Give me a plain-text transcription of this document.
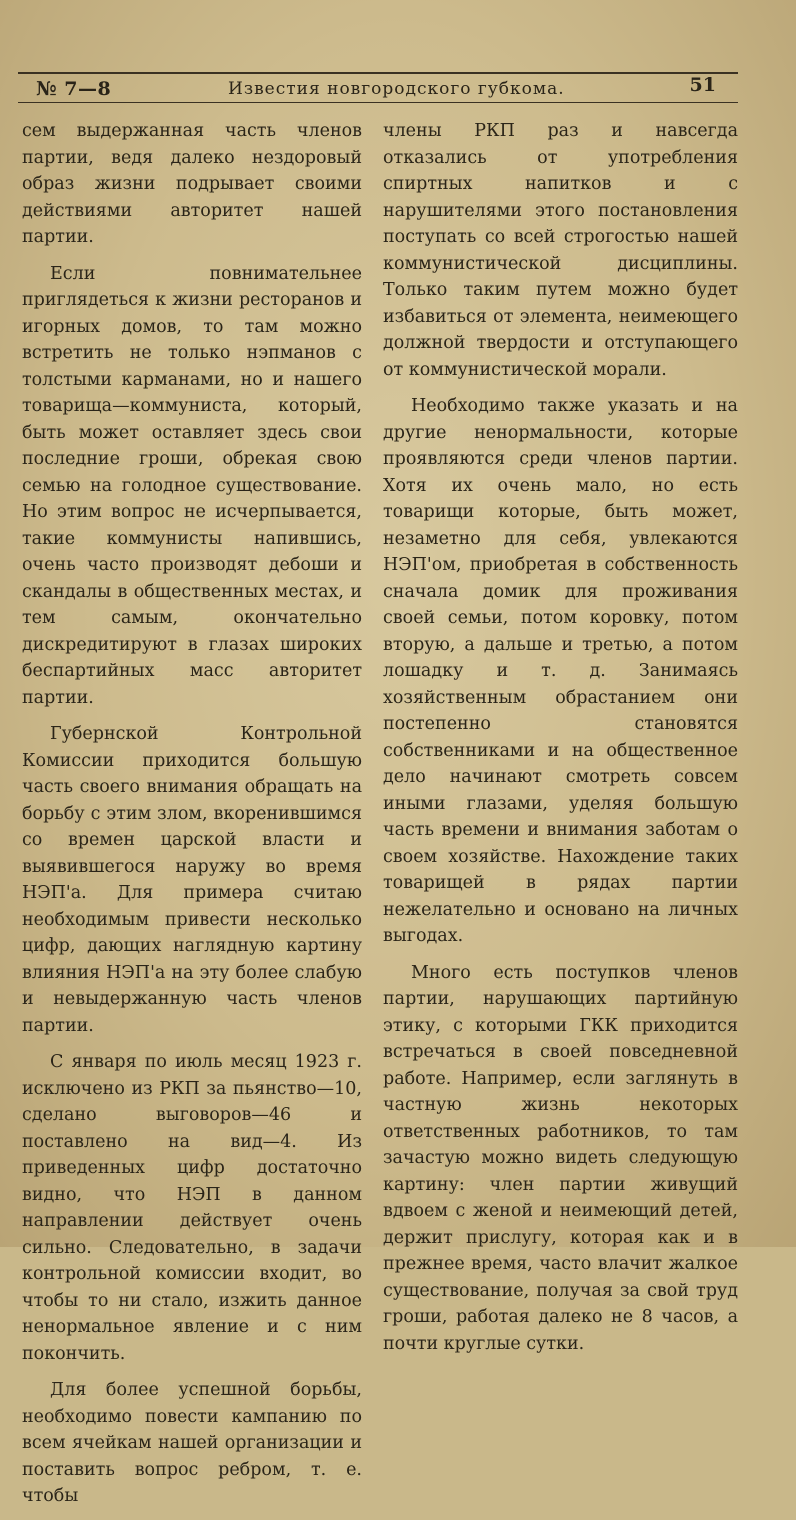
№ 7—8	Известия новгородского губкома.	51

сем выдержанная часть членов партии, ведя далеко нездоровый образ жизни подрывает своими действиями авторитет нашей партии.

Если повнимательнее приглядеться к жизни ресторанов и игорных домов, то там можно встретить не только нэпманов с толстыми карманами, но и нашего товарища—коммуниста, который, быть может оставляет здесь свои последние гроши, обрекая свою семью на голодное существование. Но этим вопрос не исчерпывается, такие коммунисты напившись, очень часто производят дебоши и скандалы в общественных местах, и тем самым, окончательно дискредитируют в глазах широких беспартийных масс авторитет партии.

Губернской Контрольной Комиссии приходится большую часть своего внимания обращать на борьбу с этим злом, вкоренившимся со времен царской власти и выявившегося наружу во время НЭП'а. Для примера считаю необходимым привести несколько цифр, дающих наглядную картину влияния НЭП'а на эту более слабую и невыдержанную часть членов партии.

С января по июль месяц 1923 г. исключено из РКП за пьянство—10, сделано выговоров—46 и поставлено на вид—4. Из приведенных цифр достаточно видно, что НЭП в данном направлении действует очень сильно. Следовательно, в задачи контрольной комиссии входит, во чтобы то ни стало, изжить данное ненормальное явление и с ним покончить.

Для более успешной борьбы, необходимо повести кампанию по всем ячейкам нашей организации и поставить вопрос ребром, т. е. чтобы

члены РКП раз и навсегда отказались от употребления спиртных напитков и с нарушителями этого постановления поступать со всей строгостью нашей коммунистической дисциплины. Только таким путем можно будет избавиться от элемента, неимеющего должной твердости и отступающего от коммунистической морали.

Необходимо также указать и на другие ненормальности, которые проявляются среди членов партии. Хотя их очень мало, но есть товарищи которые, быть может, незаметно для себя, увлекаются НЭП'ом, приобретая в собственность сначала домик для проживания своей семьи, потом коровку, потом вторую, а дальше и третью, а потом лошадку и т. д. Занимаясь хозяйственным обрастанием они постепенно становятся собственниками и на общественное дело начинают смотреть совсем иными глазами, уделяя большую часть времени и внимания заботам о своем хозяйстве. Нахождение таких товарищей в рядах партии нежелательно и основано на личных выгодах.

Много есть поступков членов партии, нарушающих партийную этику, с которыми ГКК приходится встречаться в своей повседневной работе. Например, если заглянуть в частную жизнь некоторых ответственных работников, то там зачастую можно видеть следующую картину: член партии живущий вдвоем с женой и неимеющий детей, держит прислугу, которая как и в прежнее время, часто влачит жалкое существование, получая за свой труд гроши, работая далеко не 8 часов, а почти круглые сутки.
